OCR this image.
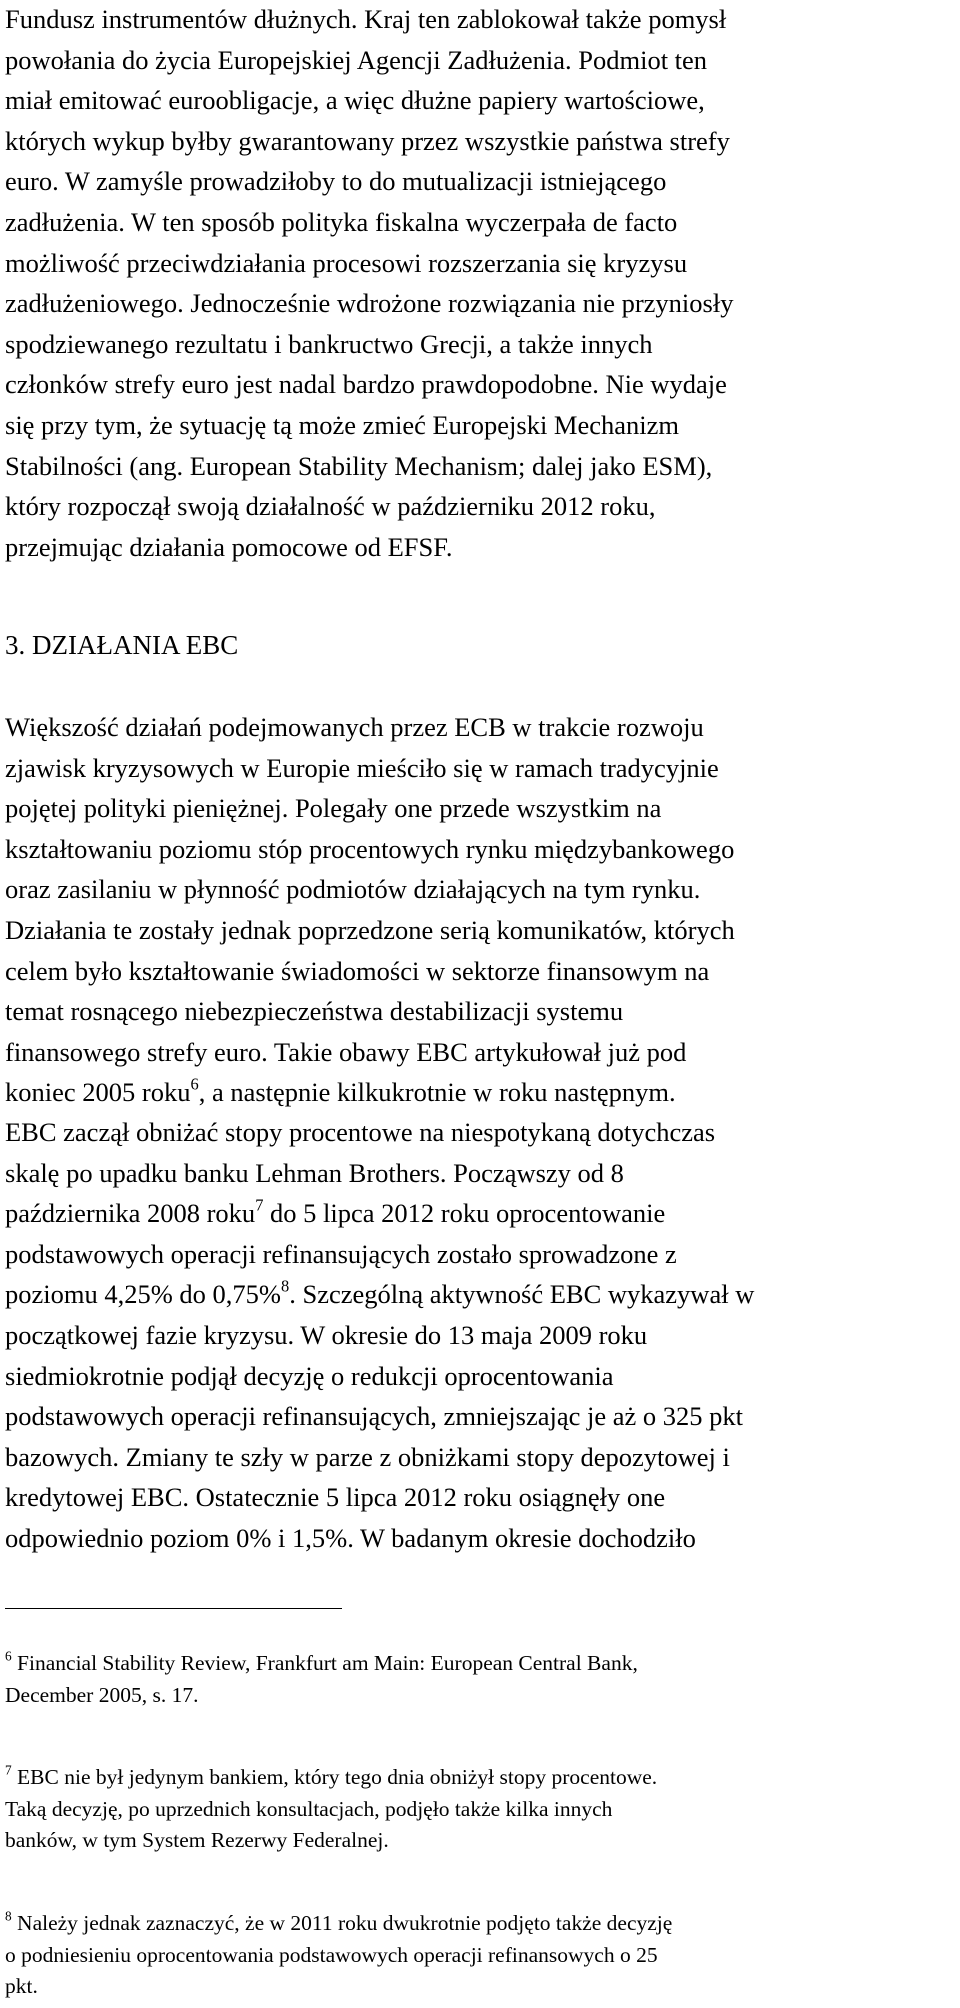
Fundusz instrumentów dłużnych. Kraj ten zablokował także pomysł
powołania do życia Europejskiej Agencji Zadłużenia. Podmiot ten
miał emitować euroobligacje, a więc dłużne papiery wartościowe,
których wykup byłby gwarantowany przez wszystkie państwa strefy
euro. W zamyśle prowadziłoby to do mutualizacji istniejącego
zadłużenia. W ten sposób polityka fiskalna wyczerpała de facto
możliwość przeciwdziałania procesowi rozszerzania się kryzysu
zadłużeniowego. Jednocześnie wdrożone rozwiązania nie przyniosły
spodziewanego rezultatu i bankructwo Grecji, a także innych
członków strefy euro jest nadal bardzo prawdopodobne. Nie wydaje
się przy tym, że sytuację tą może zmieć Europejski Mechanizm
Stabilności (ang. European Stability Mechanism; dalej jako ESM),
który rozpoczął swoją działalność w październiku 2012 roku,
przejmując działania pomocowe od EFSF.

3. DZIAŁANIA EBC

Większość działań podejmowanych przez ECB w trakcie rozwoju
zjawisk kryzysowych w Europie mieściło się w ramach tradycyjnie
pojętej polityki pieniężnej. Polegały one przede wszystkim na
kształtowaniu poziomu stóp procentowych rynku międzybankowego
oraz zasilaniu w płynność podmiotów działających na tym rynku.
Działania te zostały jednak poprzedzone serią komunikatów, których
celem było kształtowanie świadomości w sektorze finansowym na
temat rosnącego niebezpieczeństwa destabilizacji systemu
finansowego strefy euro. Takie obawy EBC artykułował już pod
koniec 2005 roku$^6$, a następnie kilkukrotnie w roku następnym.

EBC zaczął obniżać stopy procentowe na niespotykaną dotychczas
skalę po upadku banku Lehman Brothers. Począwszy od 8
października 2008 roku$^7$ do 5 lipca 2012 roku oprocentowanie
podstawowych operacji refinansujących zostało sprowadzone z
poziomu 4,25% do 0,75%$^8$. Szczególną aktywność EBC wykazywał w
początkowej fazie kryzysu. W okresie do 13 maja 2009 roku
siedmiokrotnie podjął decyzję o redukcji oprocentowania
podstawowych operacji refinansujących, zmniejszając je aż o 325 pkt
bazowych. Zmiany te szły w parze z obniżkami stopy depozytowej i
kredytowej EBC. Ostatecznie 5 lipca 2012 roku osiągnęły one
odpowiednio poziom 0% i 1,5%. W badanym okresie dochodziło

$^6$ Financial Stability Review, Frankfurt am Main: European Central Bank,
December 2005, s. 17.

$^7$ EBC nie był jedynym bankiem, który tego dnia obniżył stopy procentowe.
Taką decyzję, po uprzednich konsultacjach, podjęło także kilka innych
banków, w tym System Rezerwy Federalnej.

$^8$ Należy jednak zaznaczyć, że w 2011 roku dwukrotnie podjęto także decyzję
o podniesieniu oprocentowania podstawowych operacji refinansowych o 25
pkt.
